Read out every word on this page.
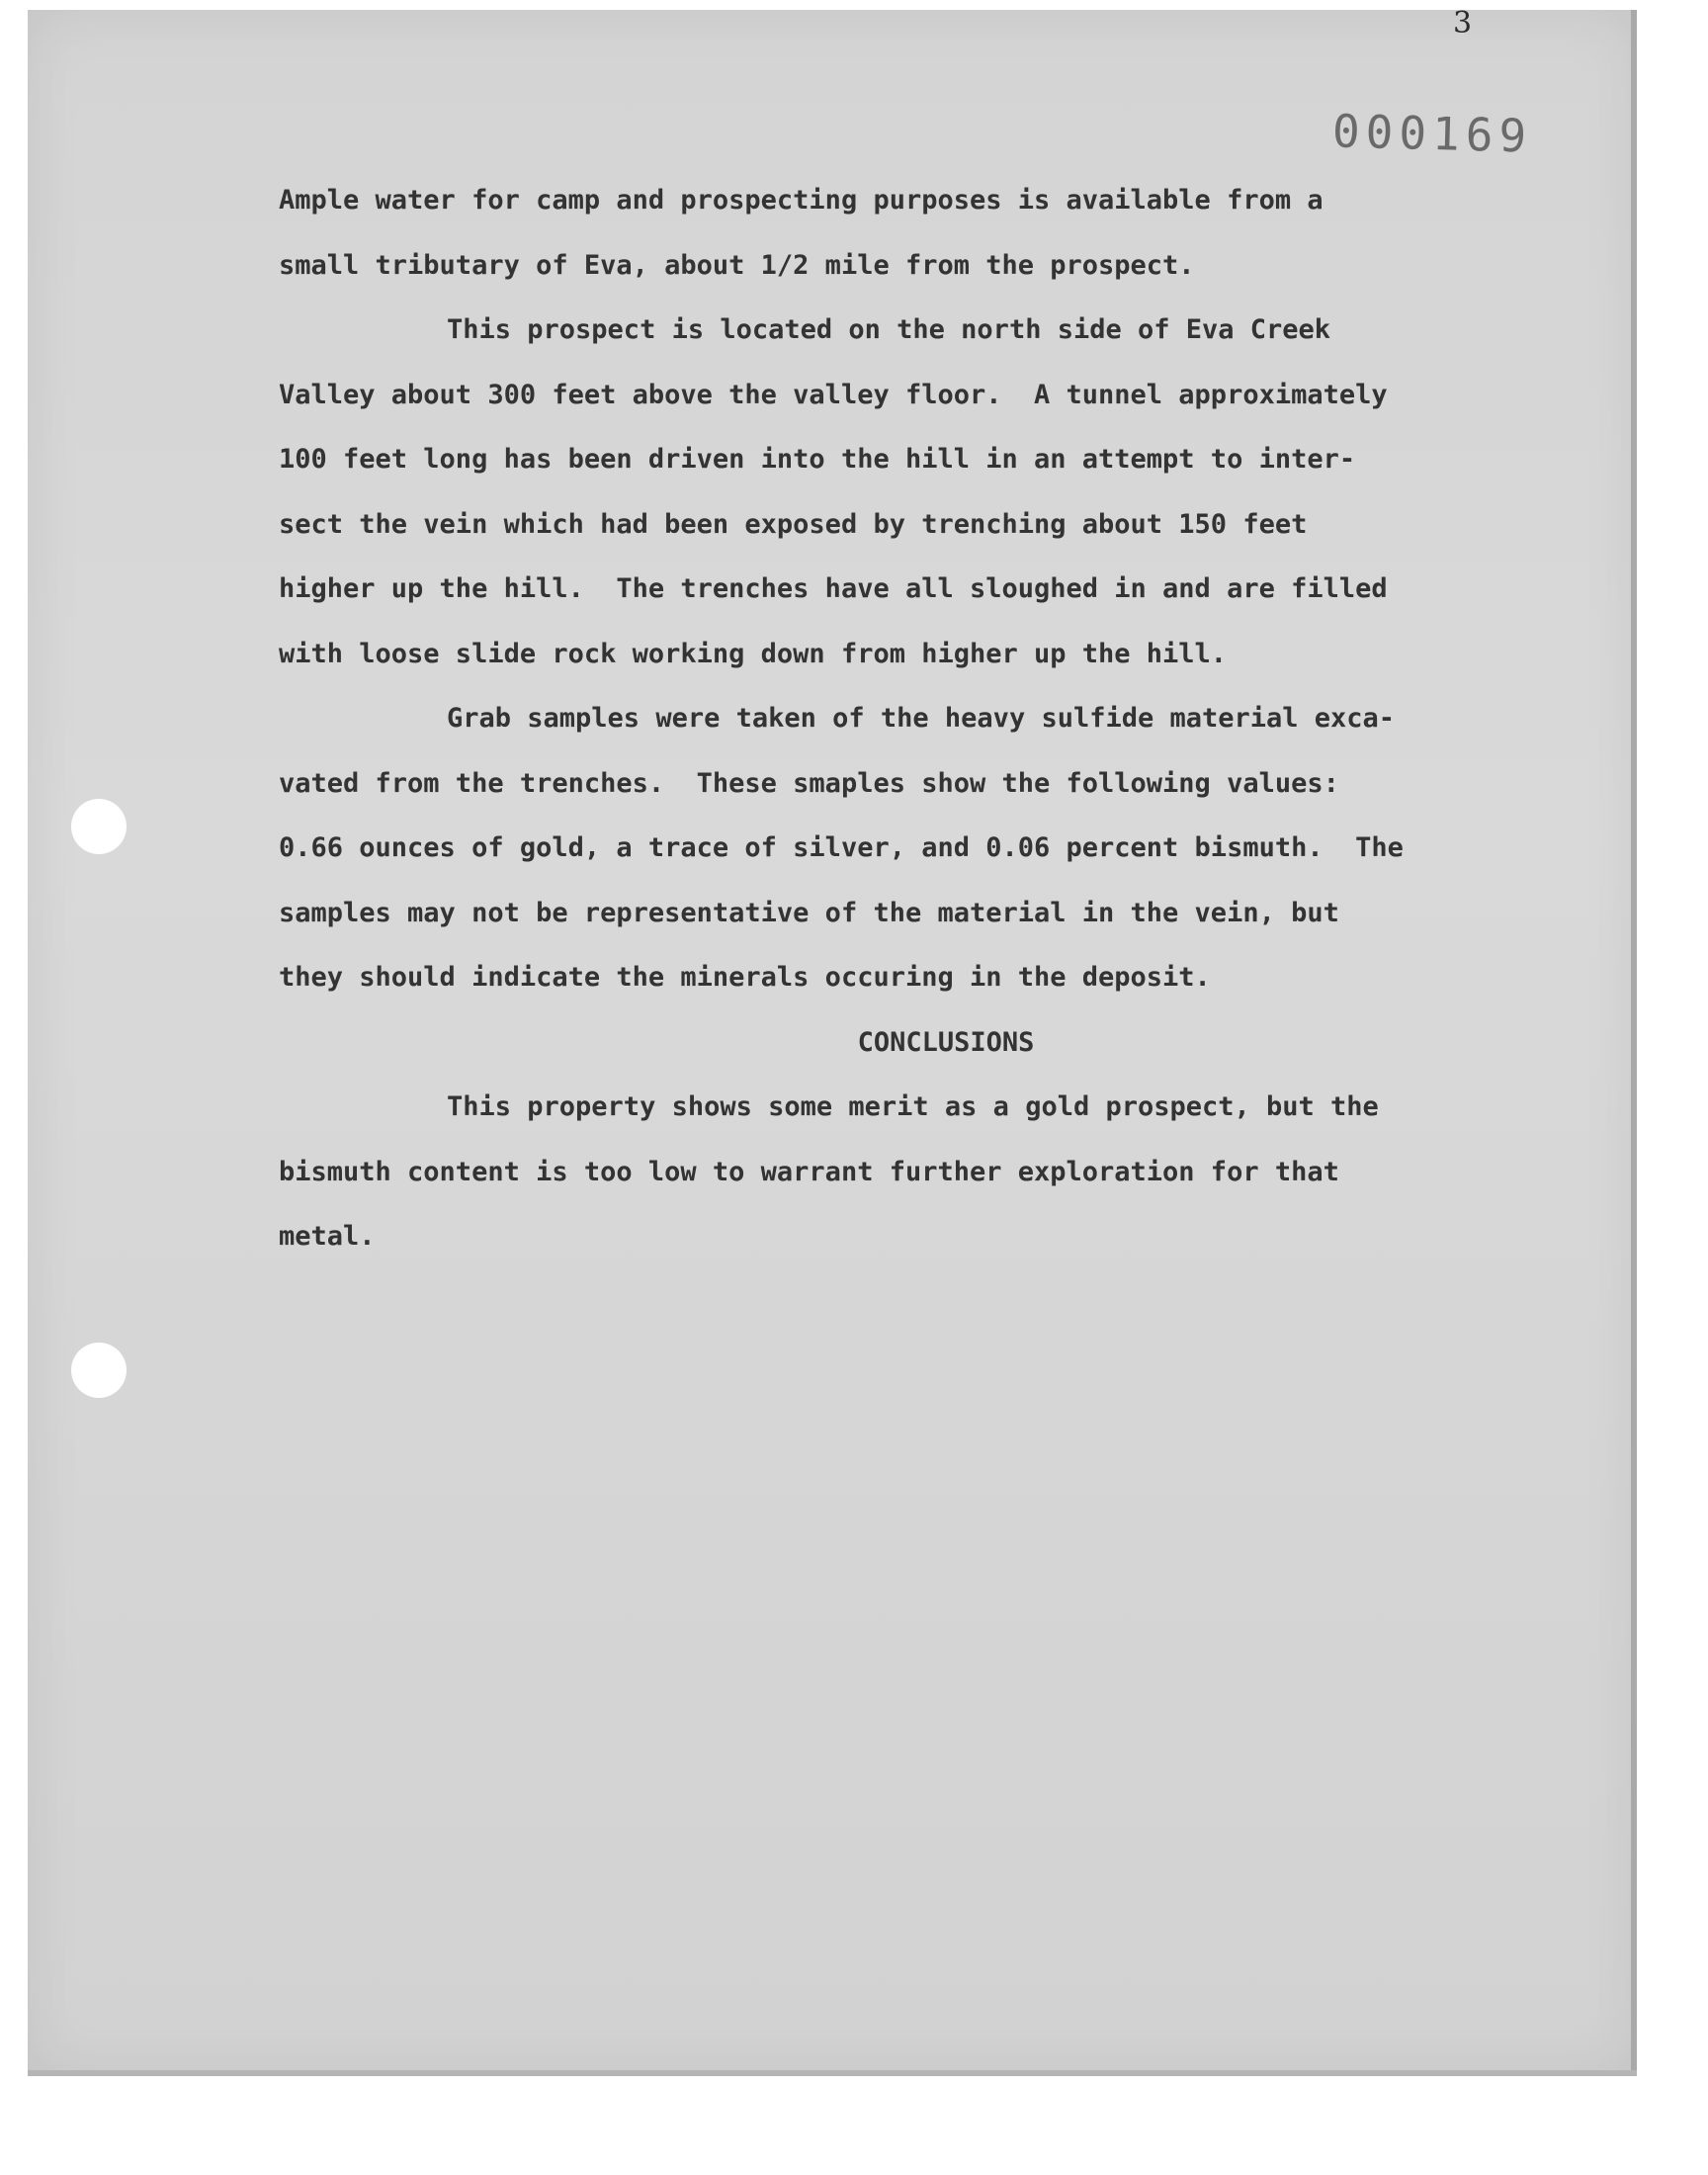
3
000169
Ample water for camp and prospecting purposes is available from a
small tributary of Eva, about 1/2 mile from the prospect.
This prospect is located on the north side of Eva Creek
Valley about 300 feet above the valley floor.  A tunnel approximately
100 feet long has been driven into the hill in an attempt to inter-
sect the vein which had been exposed by trenching about 150 feet
higher up the hill.  The trenches have all sloughed in and are filled
with loose slide rock working down from higher up the hill.
Grab samples were taken of the heavy sulfide material exca-
vated from the trenches.  These smaples show the following values:
0.66 ounces of gold, a trace of silver, and 0.06 percent bismuth.  The
samples may not be representative of the material in the vein, but
they should indicate the minerals occuring in the deposit.
CONCLUSIONS
This property shows some merit as a gold prospect, but the
bismuth content is too low to warrant further exploration for that
metal.
